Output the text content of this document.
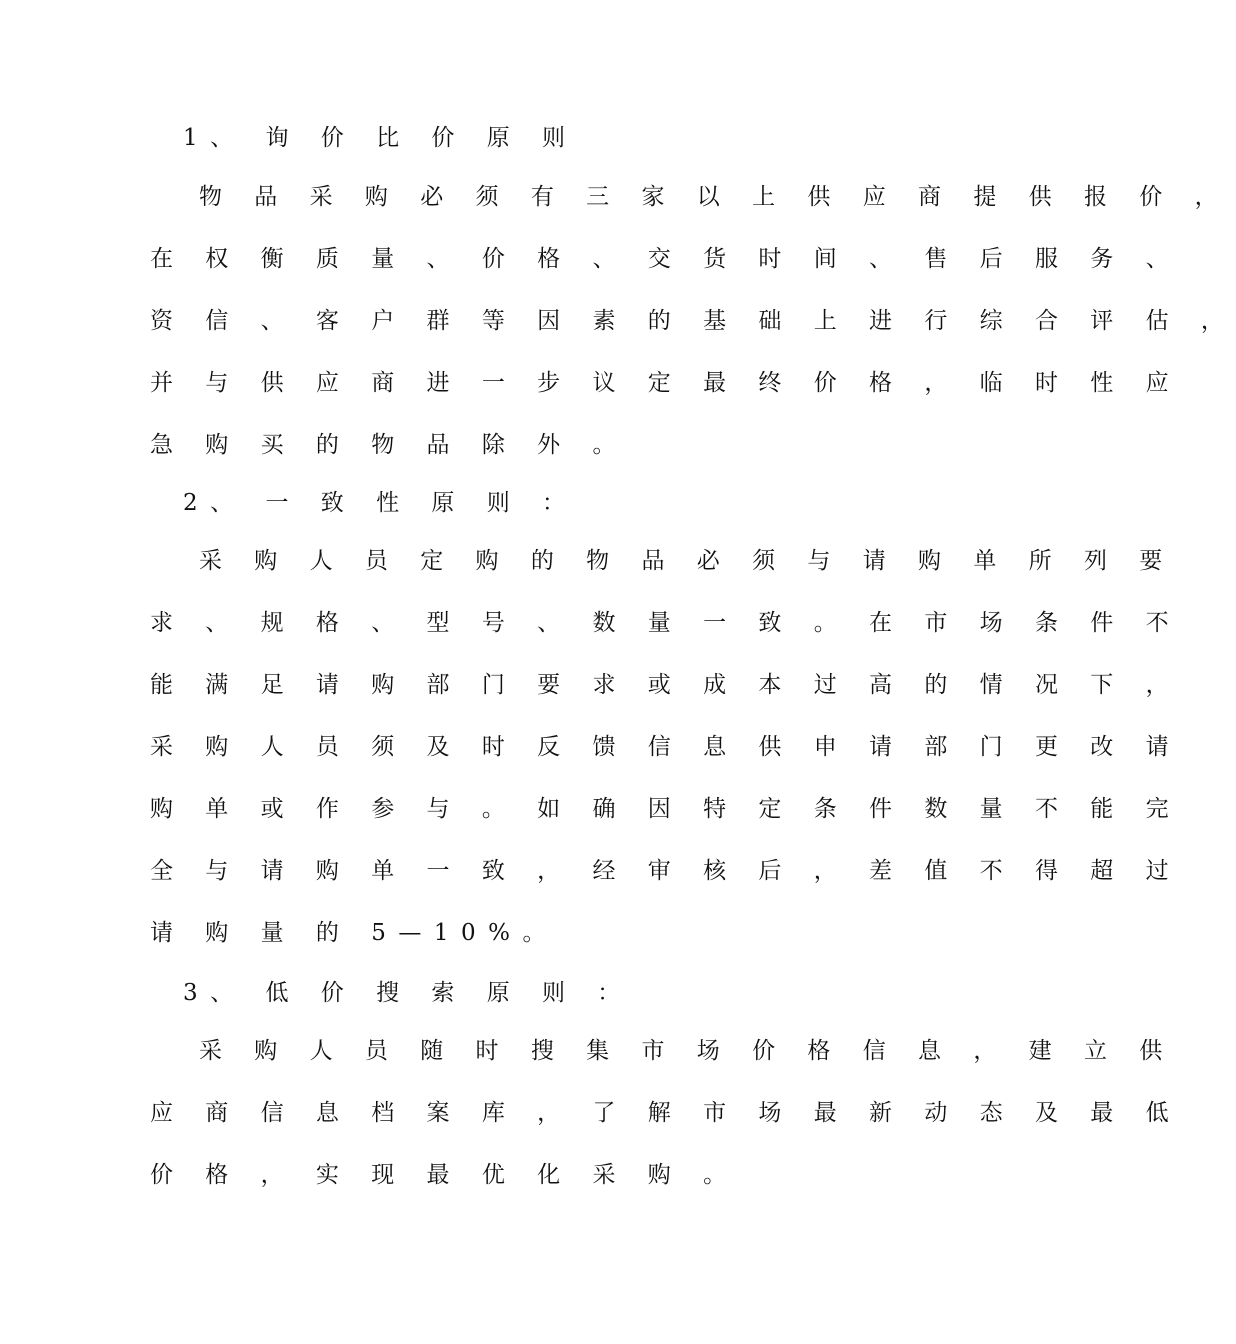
1、 询 价 比 价 原 则
物 品 采 购 必 须 有 三 家 以 上 供 应 商 提 供 报 价 ，
在 权 衡 质 量 、 价 格 、 交 货 时 间 、 售 后 服 务 、
资 信 、 客 户 群 等 因 素 的 基 础 上 进 行 综 合 评 估 ，
并 与 供 应 商 进 一 步 议 定 最 终 价 格 ， 临 时 性 应
急 购 买 的 物 品 除 外 。
2、 一 致 性 原 则 ：
采 购 人 员 定 购 的 物 品 必 须 与 请 购 单 所 列 要
求 、 规 格 、 型 号 、 数 量 一 致 。 在 市 场 条 件 不
能 满 足 请 购 部 门 要 求 或 成 本 过 高 的 情 况 下 ，
采 购 人 员 须 及 时 反 馈 信 息 供 申 请 部 门 更 改 请
购 单 或 作 参 与 。 如 确 因 特 定 条 件 数 量 不 能 完
全 与 请 购 单 一 致 ， 经 审 核 后 ， 差 值 不 得 超 过
请 购 量 的 5—10%。
3、 低 价 搜 索 原 则 ：
采 购 人 员 随 时 搜 集 市 场 价 格 信 息 ， 建 立 供
应 商 信 息 档 案 库 ， 了 解 市 场 最 新 动 态 及 最 低
价 格 ， 实 现 最 优 化 采 购 。
